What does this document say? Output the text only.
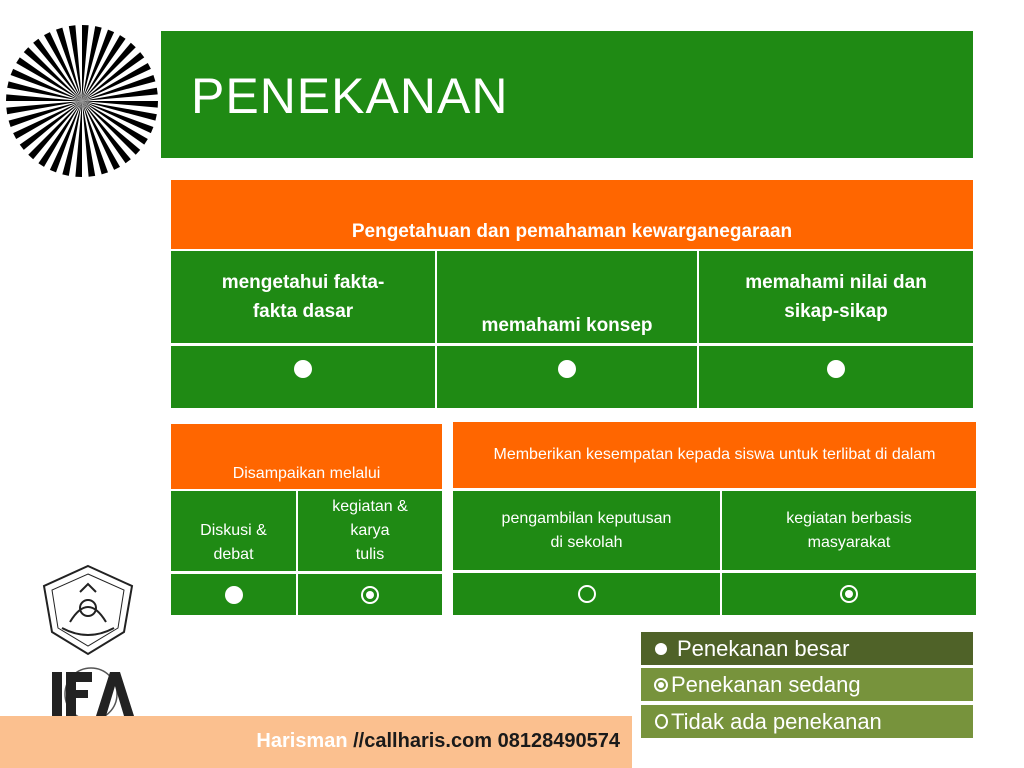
PENEKANAN
Pengetahuan dan pemahaman kewarganegaraan
mengetahui fakta-
fakta dasar
memahami konsep
memahami nilai dan
sikap-sikap
Disampaikan melalui
Diskusi &
debat
kegiatan &
karya
tulis
Memberikan kesempatan kepada siswa untuk terlibat di dalam
pengambilan keputusan
di sekolah
kegiatan berbasis
masyarakat
Penekanan besar
Penekanan sedang
Tidak ada penekanan
Harisman //callharis.com 08128490574
